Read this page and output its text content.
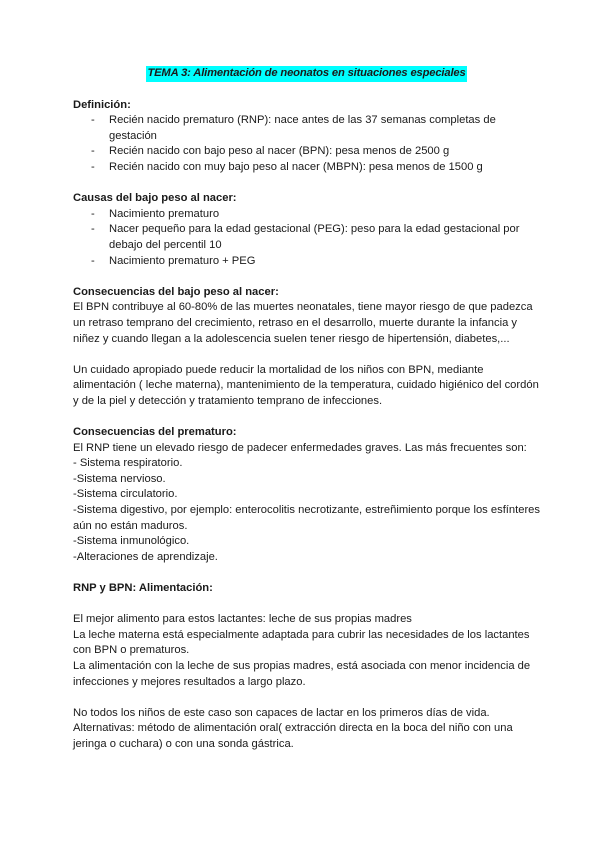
TEMA 3: Alimentación de neonatos en situaciones especiales

Definición:

- Recién nacido prematuro (RNP): nace antes de las 37 semanas completas de gestación
- Recién nacido con bajo peso al nacer (BPN): pesa menos de 2500 g
- Recién nacido con muy bajo peso al nacer (MBPN): pesa menos de 1500 g

Causas del bajo peso al nacer:

- Nacimiento prematuro
- Nacer pequeño para la edad gestacional (PEG): peso para la edad gestacional por debajo del percentil 10
- Nacimiento prematuro + PEG

Consecuencias del bajo peso al nacer:

El BPN contribuye al 60-80% de las muertes neonatales, tiene mayor riesgo de que padezca un retraso temprano del crecimiento, retraso en el desarrollo, muerte durante la infancia y niñez y cuando llegan a la adolescencia suelen tener riesgo de hipertensión, diabetes,...

Un cuidado apropiado puede reducir la mortalidad de los niños con BPN, mediante alimentación ( leche materna), mantenimiento de la temperatura, cuidado higiénico del cordón y de la piel y detección y tratamiento temprano de infecciones.

Consecuencias del prematuro:

El RNP tiene un elevado riesgo de padecer enfermedades graves. Las más frecuentes son:

- Sistema respiratorio.

-Sistema nervioso.

-Sistema circulatorio.

-Sistema digestivo, por ejemplo: enterocolitis necrotizante, estreñimiento porque los esfínteres aún no están maduros.

-Sistema inmunológico.

-Alteraciones de aprendizaje.

RNP y BPN: Alimentación:

El mejor alimento para estos lactantes: leche de sus propias madres

La leche materna está especialmente adaptada para cubrir las necesidades de los lactantes con BPN o prematuros.

La alimentación con la leche de sus propias madres, está asociada con menor incidencia de infecciones y mejores resultados a largo plazo.

No todos los niños de este caso son capaces de lactar en los primeros días de vida.

Alternativas: método de alimentación oral( extracción directa en la boca del niño con una jeringa o cuchara) o con una sonda gástrica.
